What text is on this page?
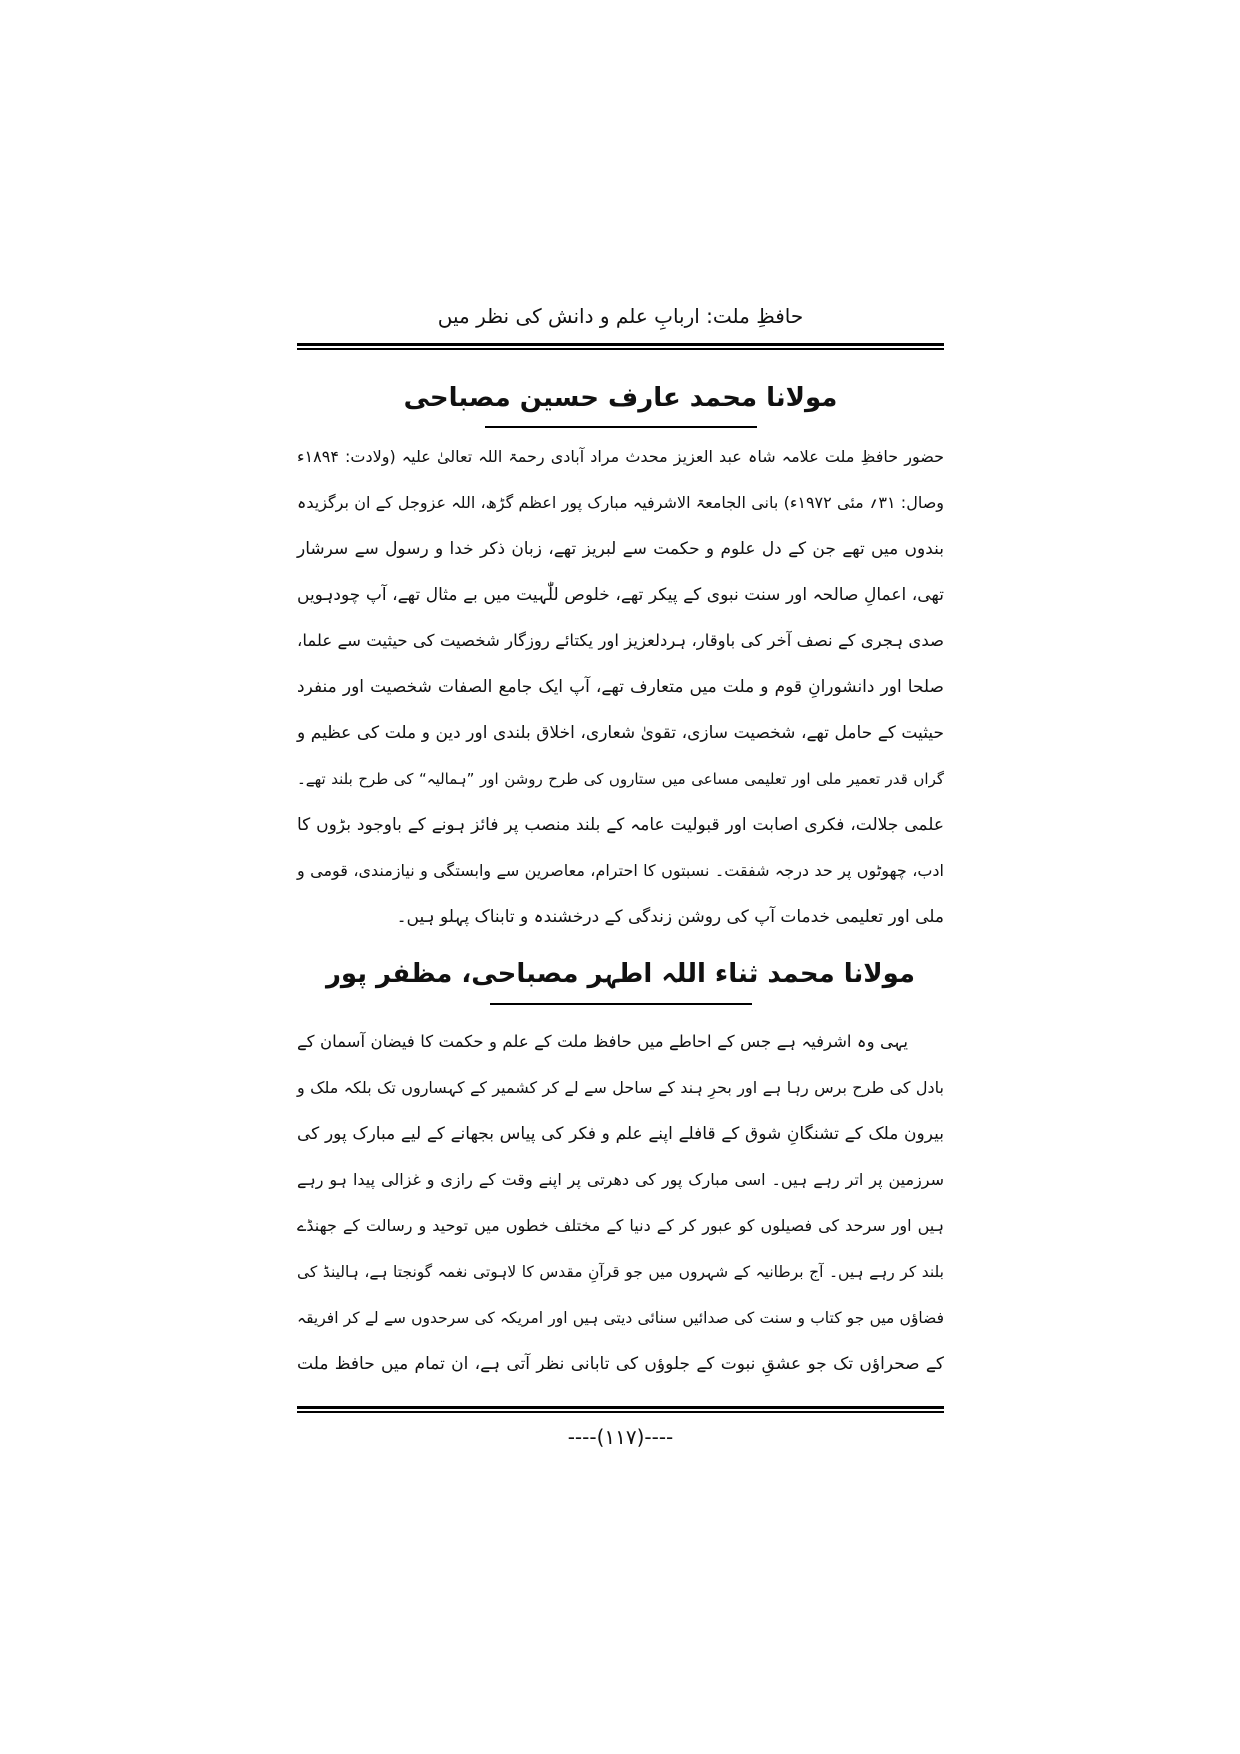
حافظِ ملت: اربابِ علم و دانش کی نظر میں
مولانا محمد عارف حسین مصباحی
حضور حافظِ ملت علامہ شاہ عبد العزیز محدث مراد آبادی رحمۃ اللہ تعالیٰ علیہ (ولادت: ۱۸۹۴ء
وصال: ۳۱؍ مئی ۱۹۷۲ء) بانی الجامعۃ الاشرفیہ مبارک پور اعظم گڑھ، اللہ عزوجل کے ان برگزیدہ
بندوں میں تھے جن کے دل علوم و حکمت سے لبریز تھے، زبان ذکر خدا و رسول سے سرشار
تھی، اعمالِ صالحہ اور سنت نبوی کے پیکر تھے، خلوص للّٰہیت میں بے مثال تھے، آپ چودہویں
صدی ہجری کے نصف آخر کی باوقار، ہردلعزیز اور یکتائے روزگار شخصیت کی حیثیت سے علما،
صلحا اور دانشورانِ قوم و ملت میں متعارف تھے، آپ ایک جامع الصفات شخصیت اور منفرد
حیثیت کے حامل تھے، شخصیت سازی، تقویٰ شعاری، اخلاق بلندی اور دین و ملت کی عظیم و
گراں قدر تعمیر ملی اور تعلیمی مساعی میں ستاروں کی طرح روشن اور ”ہمالیہ“ کی طرح بلند تھے۔
علمی جلالت، فکری اصابت اور قبولیت عامہ کے بلند منصب پر فائز ہونے کے باوجود بڑوں کا
ادب، چھوٹوں پر حد درجہ شفقت۔ نسبتوں کا احترام، معاصرین سے وابستگی و نیازمندی، قومی و
ملی اور تعلیمی خدمات آپ کی روشن زندگی کے درخشندہ و تابناک پہلو ہیں۔
مولانا محمد ثناء اللہ اطہر مصباحی، مظفر پور
یہی وہ اشرفیہ ہے جس کے احاطے میں حافظ ملت کے علم و حکمت کا فیضان آسمان کے
بادل کی طرح برس رہا ہے اور بحرِ ہند کے ساحل سے لے کر کشمیر کے کہساروں تک بلکہ ملک و
بیرون ملک کے تشنگانِ شوق کے قافلے اپنے علم و فکر کی پیاس بجھانے کے لیے مبارک پور کی
سرزمین پر اتر رہے ہیں۔ اسی مبارک پور کی دھرتی پر اپنے وقت کے رازی و غزالی پیدا ہو رہے
ہیں اور سرحد کی فصیلوں کو عبور کر کے دنیا کے مختلف خطوں میں توحید و رسالت کے جھنڈے
بلند کر رہے ہیں۔ آج برطانیہ کے شہروں میں جو قرآنِ مقدس کا لاہوتی نغمہ گونجتا ہے، ہالینڈ کی
فضاؤں میں جو کتاب و سنت کی صدائیں سنائی دیتی ہیں اور امریکہ کی سرحدوں سے لے کر افریقہ
کے صحراؤں تک جو عشقِ نبوت کے جلوؤں کی تابانی نظر آتی ہے، ان تمام میں حافظ ملت
----(۱۱۷)----
